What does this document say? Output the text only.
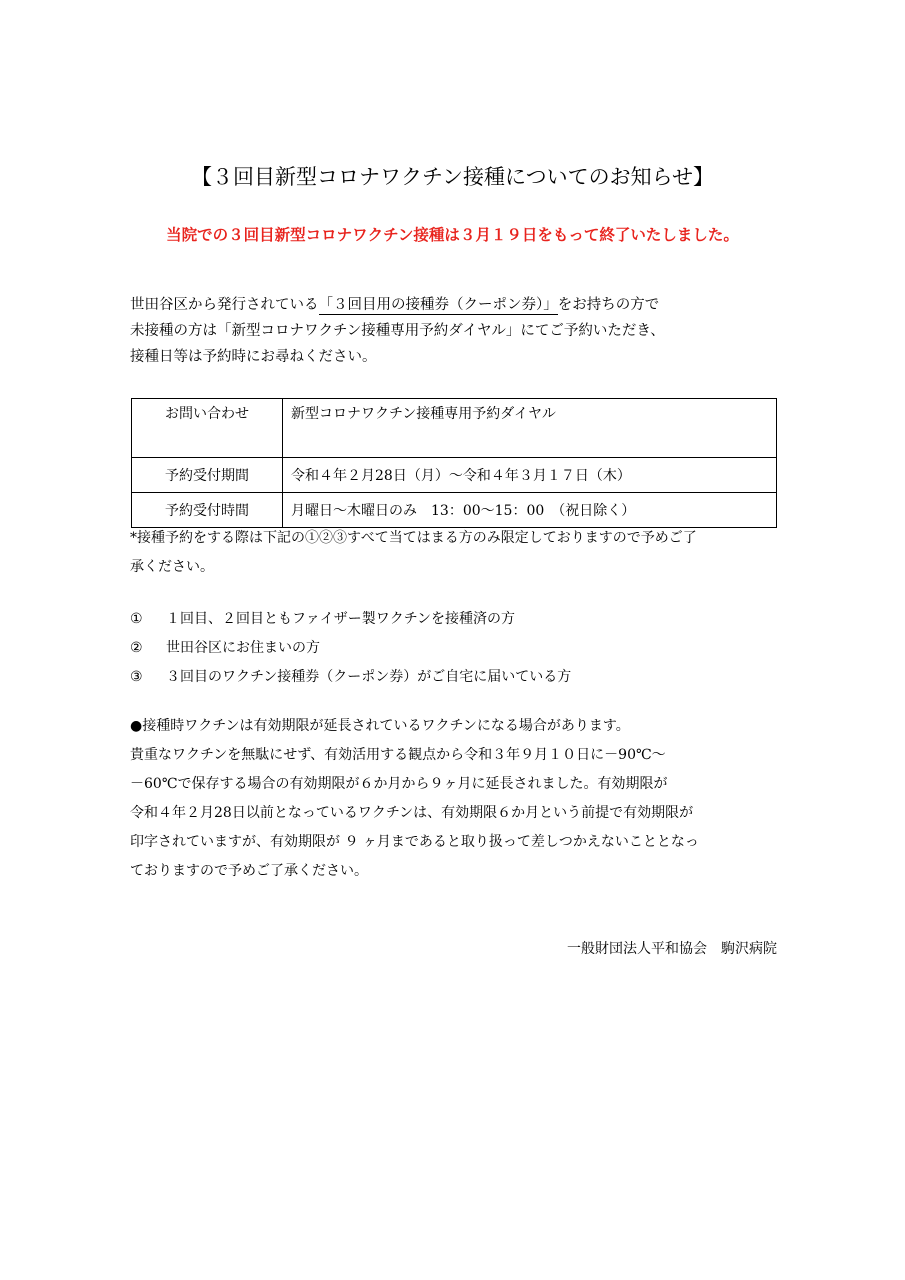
【３回目新型コロナワクチン接種についてのお知らせ】
当院での３回目新型コロナワクチン接種は３月１９日をもって終了いたしました。
世田谷区から発行されている「３回目用の接種券（クーポン券）」をお持ちの方で
未接種の方は「新型コロナワクチン接種専用予約ダイヤル」にてご予約いただき、
接種日等は予約時にお尋ねください。
お問い合わせ	新型コロナワクチン接種専用予約ダイヤル
予約受付期間	令和４年２月28日（月）～令和４年３月１７日（木）
予約受付時間	月曜日～木曜日のみ　13：00～15：00　（祝日除く）
*接種予約をする際は下記の①②③すべて当てはまる方のみ限定しておりますので予めご了
承ください。
① １回目、２回目ともファイザー製ワクチンを接種済の方
② 世田谷区にお住まいの方
③ ３回目のワクチン接種券（クーポン券）がご自宅に届いている方
●接種時ワクチンは有効期限が延長されているワクチンになる場合があります。
貴重なワクチンを無駄にせず、有効活用する観点から令和３年９月１０日に－90℃～
－60℃で保存する場合の有効期限が６か月から９ヶ月に延長されました。有効期限が
令和４年２月28日以前となっているワクチンは、有効期限６か月という前提で有効期限が
印字されていますが、有効期限が ９ ヶ月まであると取り扱って差しつかえないこととなっ
ておりますので予めご了承ください。
一般財団法人平和協会　駒沢病院
